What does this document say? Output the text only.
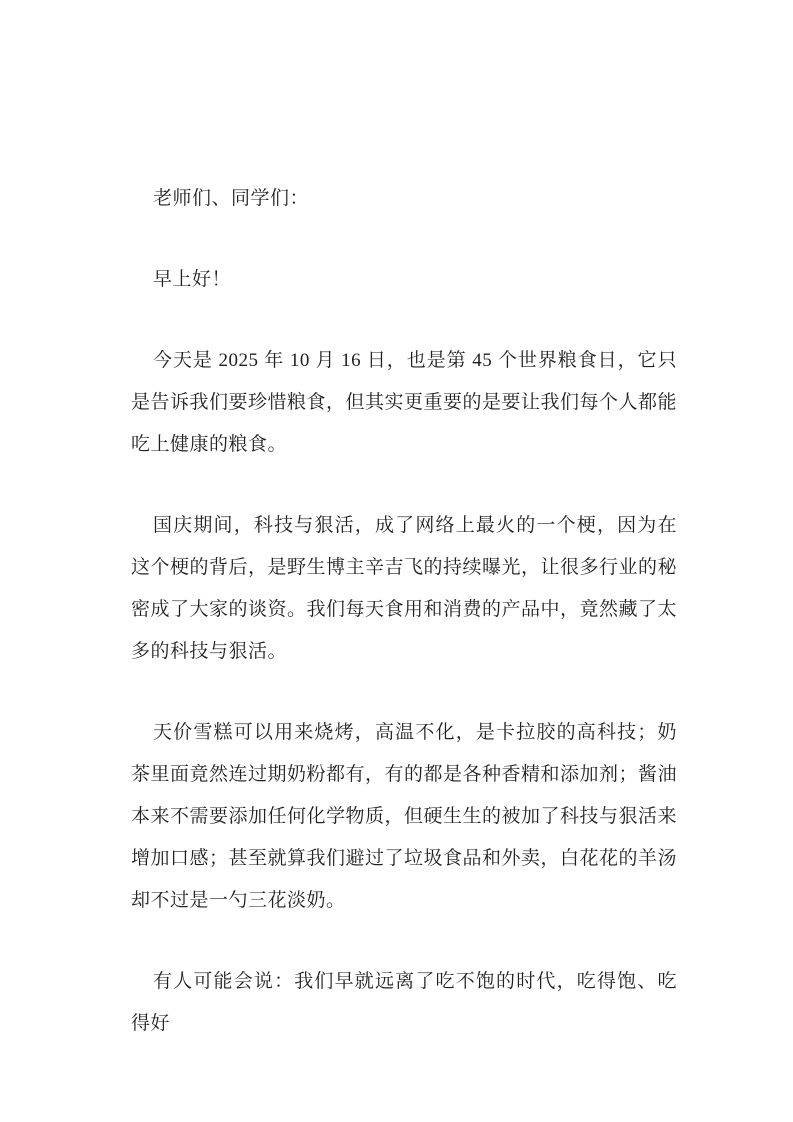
老师们、同学们：

早上好！

今天是 2025 年 10 月 16 日，也是第 45 个世界粮食日，它只是告诉我们要珍惜粮食，但其实更重要的是要让我们每个人都能吃上健康的粮食。

国庆期间，科技与狠活，成了网络上最火的一个梗，因为在这个梗的背后，是野生博主辛吉飞的持续曝光，让很多行业的秘密成了大家的谈资。我们每天食用和消费的产品中，竟然藏了太多的科技与狠活。

天价雪糕可以用来烧烤，高温不化，是卡拉胶的高科技；奶茶里面竟然连过期奶粉都有，有的都是各种香精和添加剂；酱油本来不需要添加任何化学物质，但硬生生的被加了科技与狠活来增加口感；甚至就算我们避过了垃圾食品和外卖，白花花的羊汤却不过是一勺三花淡奶。

有人可能会说：我们早就远离了吃不饱的时代，吃得饱、吃得好
